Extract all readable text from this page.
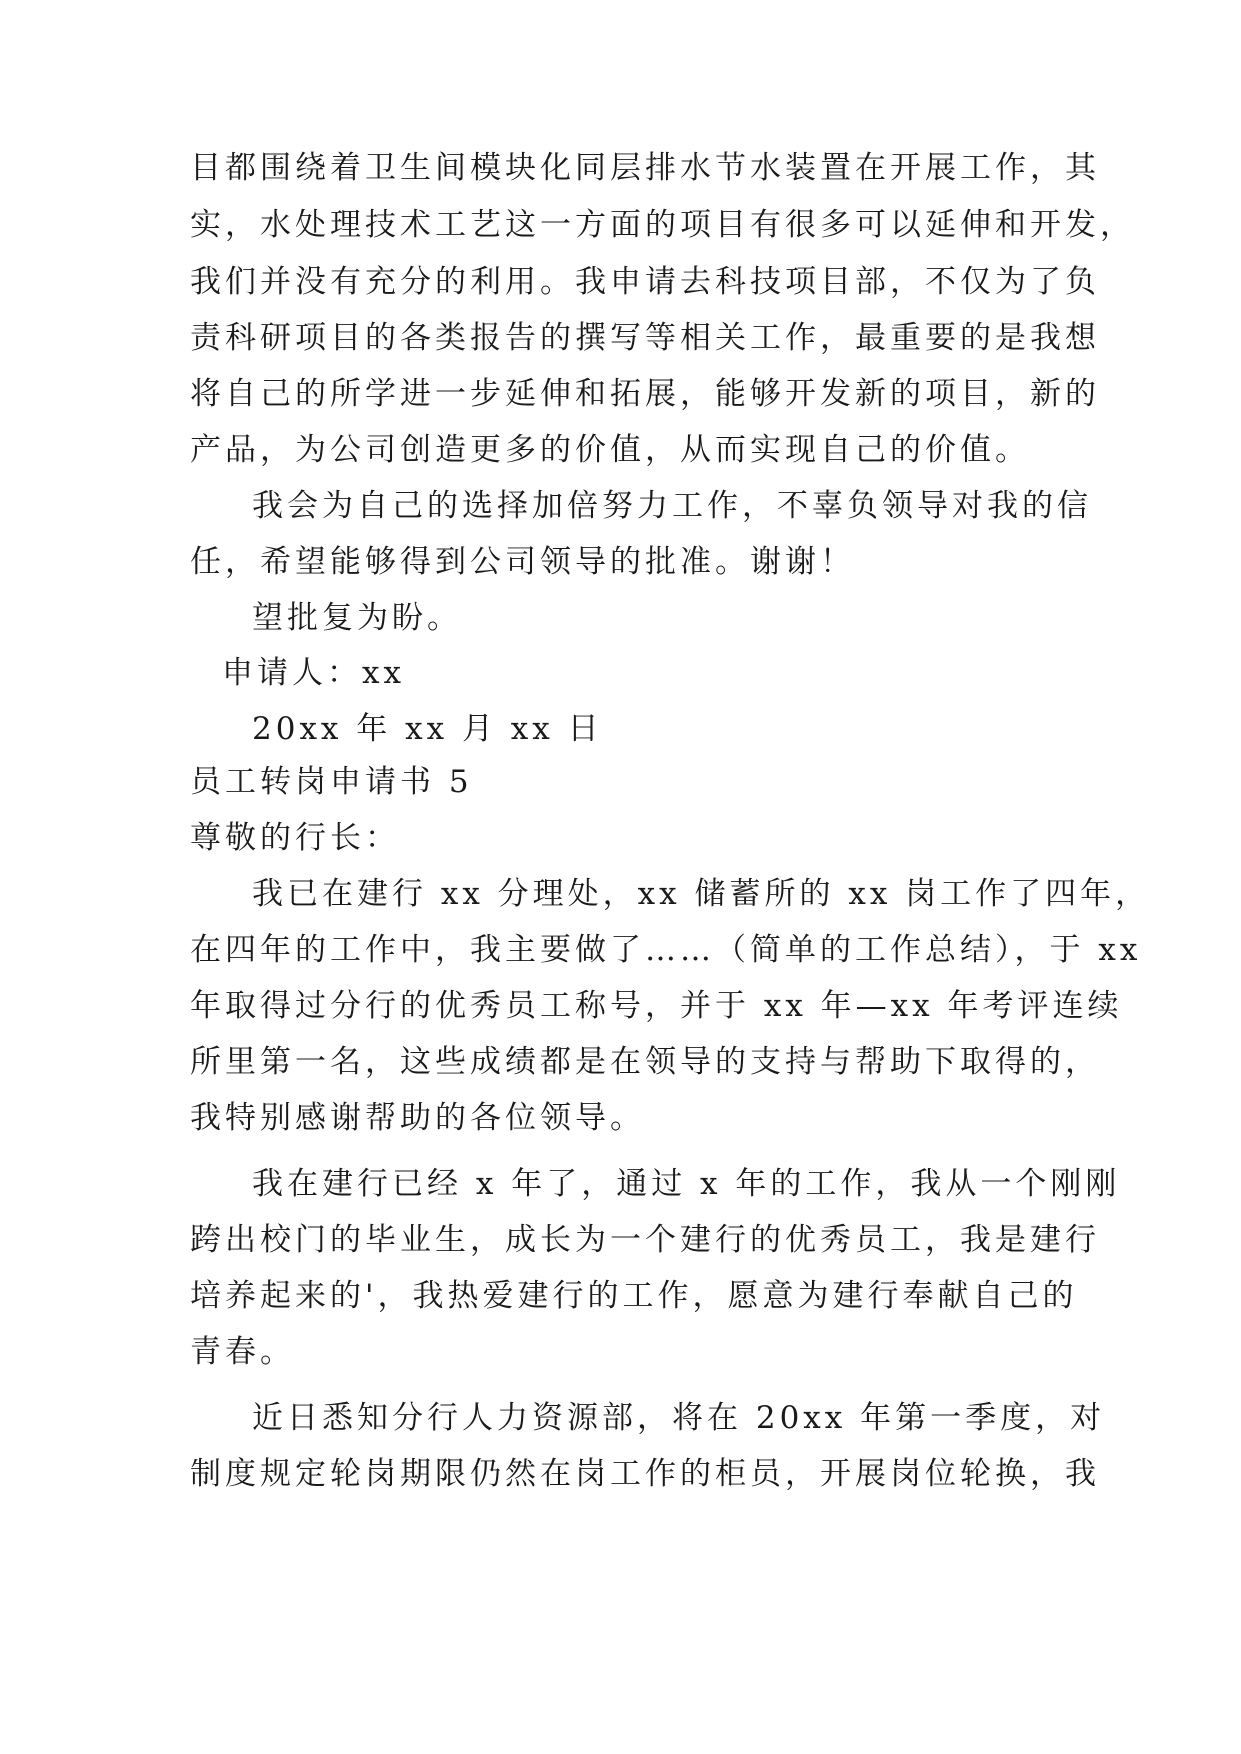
目都围绕着卫生间模块化同层排水节水装置在开展工作，其
实，水处理技术工艺这一方面的项目有很多可以延伸和开发，
我们并没有充分的利用。我申请去科技项目部，不仅为了负
责科研项目的各类报告的撰写等相关工作，最重要的是我想
将自己的所学进一步延伸和拓展，能够开发新的项目，新的
产品，为公司创造更多的价值，从而实现自己的价值。
我会为自己的选择加倍努力工作，不辜负领导对我的信
任，希望能够得到公司领导的批准。谢谢！
望批复为盼。
申请人：xx
20xx 年 xx 月 xx 日
员工转岗申请书 5
尊敬的行长：
我已在建行 xx 分理处，xx 储蓄所的 xx 岗工作了四年，
在四年的工作中，我主要做了……（简单的工作总结），于 xx
年取得过分行的优秀员工称号，并于 xx 年—xx 年考评连续
所里第一名，这些成绩都是在领导的支持与帮助下取得的，
我特别感谢帮助的各位领导。
我在建行已经 x 年了，通过 x 年的工作，我从一个刚刚
跨出校门的毕业生，成长为一个建行的优秀员工，我是建行
培养起来的'，我热爱建行的工作，愿意为建行奉献自己的
青春。
近日悉知分行人力资源部，将在 20xx 年第一季度，对
制度规定轮岗期限仍然在岗工作的柜员，开展岗位轮换，我
